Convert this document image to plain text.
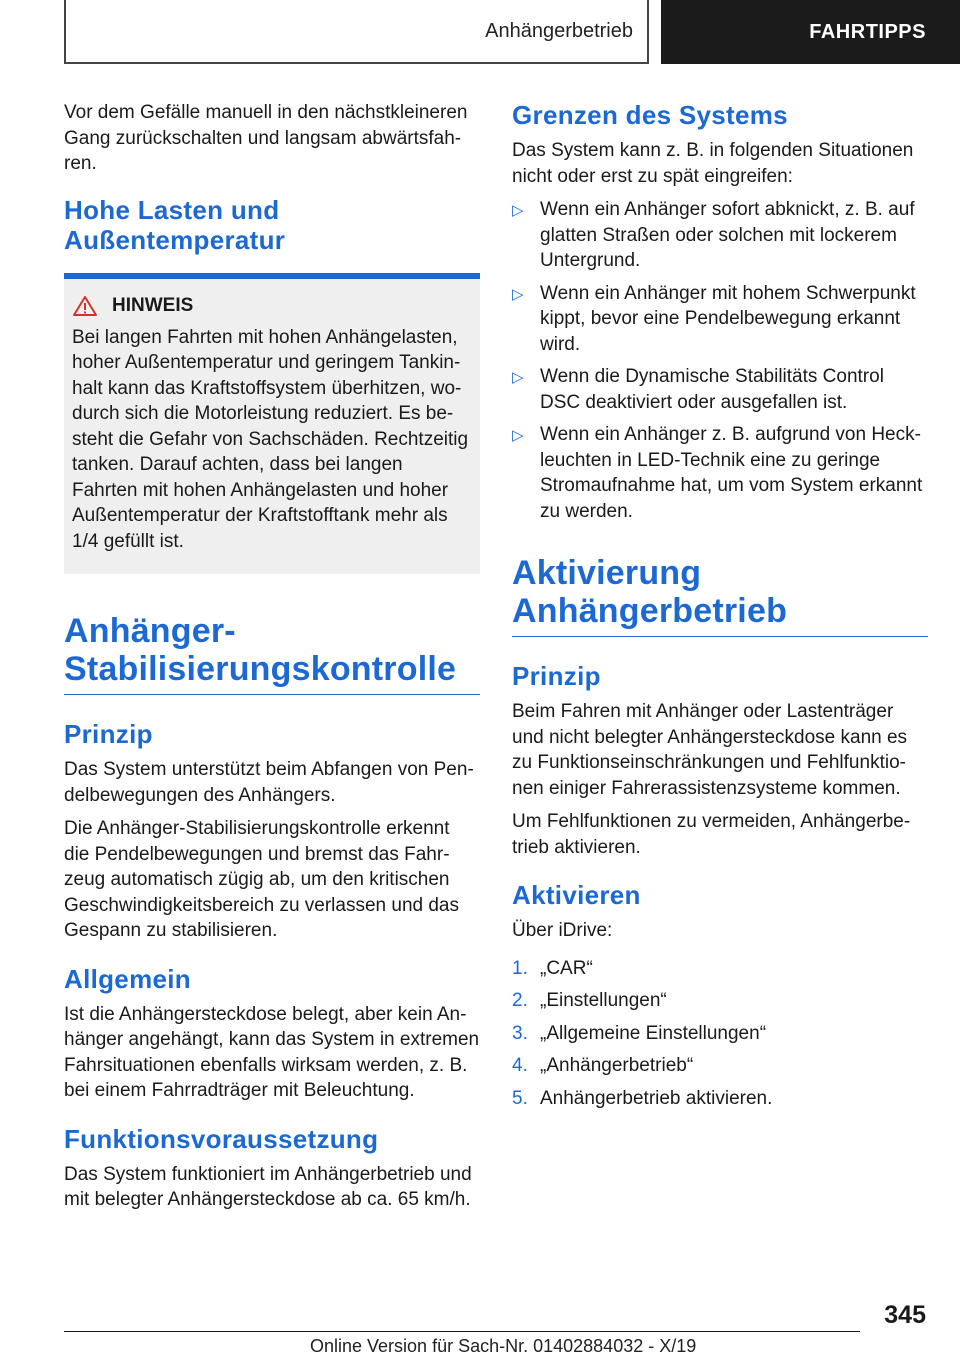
Anhängerbetrieb	FAHRTIPPS

Vor dem Gefälle manuell in den nächstkleineren Gang zurückschalten und langsam abwärtsfahren.

Hohe Lasten und Außentemperatur
HINWEIS

Bei langen Fahrten mit hohen Anhängelasten, hoher Außentemperatur und geringem Tankinhalt kann das Kraftstoffsystem überhitzen, wodurch sich die Motorleistung reduziert. Es besteht die Gefahr von Sachschäden. Rechtzeitig tanken. Darauf achten, dass bei langen Fahrten mit hohen Anhängelasten und hoher Außentemperatur der Kraftstofftank mehr als 1/4 gefüllt ist.

Anhänger-Stabilisierungskontrolle
Prinzip

Das System unterstützt beim Abfangen von Pendelbewegungen des Anhängers.

Die Anhänger-Stabilisierungskontrolle erkennt die Pendelbewegungen und bremst das Fahrzeug automatisch zügig ab, um den kritischen Geschwindigkeitsbereich zu verlassen und das Gespann zu stabilisieren.

Allgemein

Ist die Anhängersteckdose belegt, aber kein Anhänger angehängt, kann das System in extremen Fahrsituationen ebenfalls wirksam werden, z. B. bei einem Fahrradträger mit Beleuchtung.

Funktionsvoraussetzung

Das System funktioniert im Anhängerbetrieb und mit belegter Anhängersteckdose ab ca. 65 km/h.

Grenzen des Systems

Das System kann z. B. in folgenden Situationen nicht oder erst zu spät eingreifen:

▷ Wenn ein Anhänger sofort abknickt, z. B. auf glatten Straßen oder solchen mit lockerem Untergrund.
▷ Wenn ein Anhänger mit hohem Schwerpunkt kippt, bevor eine Pendelbewegung erkannt wird.
▷ Wenn die Dynamische Stabilitäts Control DSC deaktiviert oder ausgefallen ist.
▷ Wenn ein Anhänger z. B. aufgrund von Heckleuchten in LED-Technik eine zu geringe Stromaufnahme hat, um vom System erkannt zu werden.
Aktivierung Anhängerbetrieb
Prinzip

Beim Fahren mit Anhänger oder Lastenträger und nicht belegter Anhängersteckdose kann es zu Funktionseinschränkungen und Fehlfunktionen einiger Fahrerassistenzsysteme kommen.

Um Fehlfunktionen zu vermeiden, Anhängerbetrieb aktivieren.

Aktivieren

Über iDrive:

1. „CAR“
2. „Einstellungen“
3. „Allgemeine Einstellungen“
4. „Anhängerbetrieb“
5. Anhängerbetrieb aktivieren.
345
Online Version für Sach-Nr. 01402884032 - X/19
